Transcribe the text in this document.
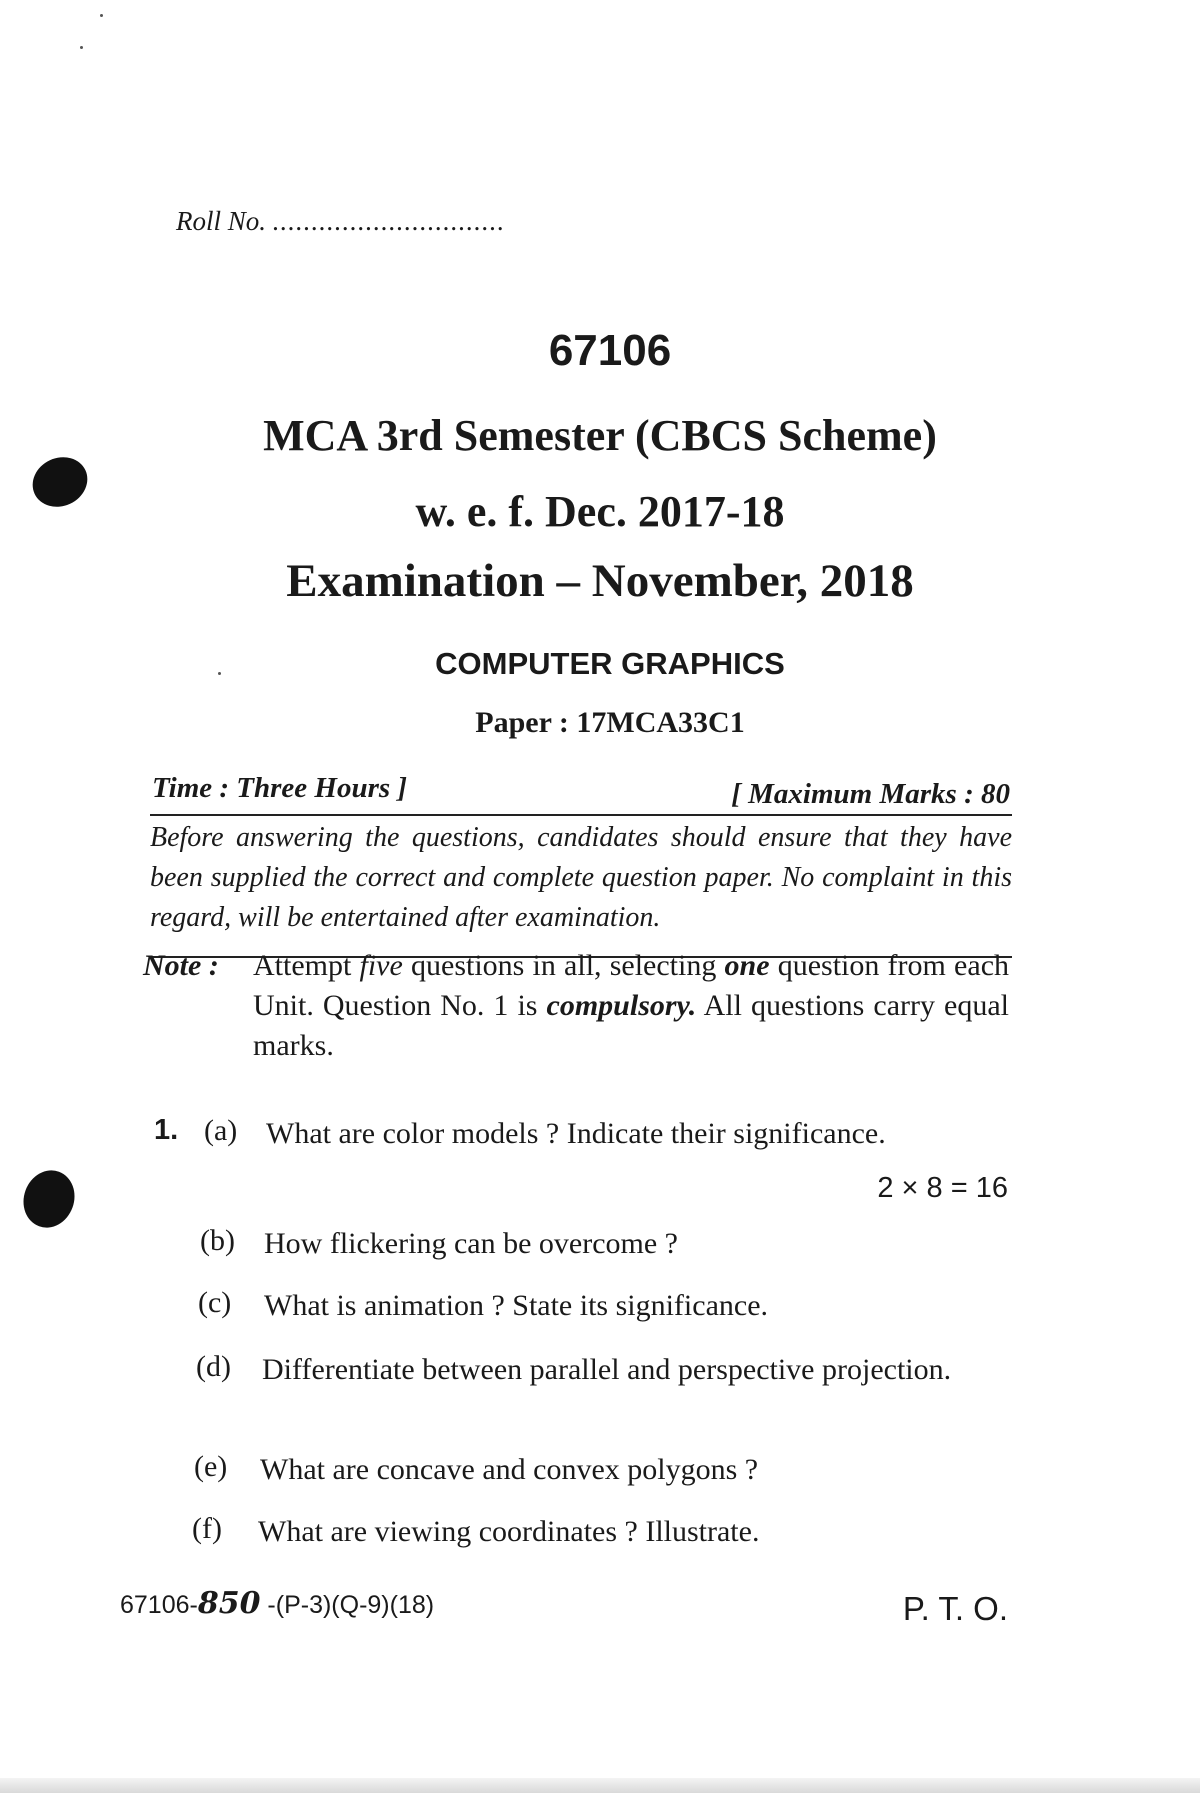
Roll No. ..............................
67106
MCA 3rd Semester (CBCS Scheme)
w. e. f. Dec. 2017-18
Examination – November, 2018
COMPUTER GRAPHICS
Paper : 17MCA33C1
Time : Three Hours ]	[ Maximum Marks : 80
Before answering the questions, candidates should ensure that they have been supplied the correct and complete question paper. No complaint in this regard, will be entertained after examination.
Note : Attempt five questions in all, selecting one question from each Unit. Question No. 1 is compulsory. All questions carry equal marks.
1. (a) What are color models ? Indicate their significance.
2 × 8 = 16
(b) How flickering can be overcome ?
(c) What is animation ? State its significance.
(d) Differentiate between parallel and perspective projection.
(e) What are concave and convex polygons ?
(f) What are viewing coordinates ? Illustrate.
67106-850 -(P-3)(Q-9)(18)	P. T. O.
